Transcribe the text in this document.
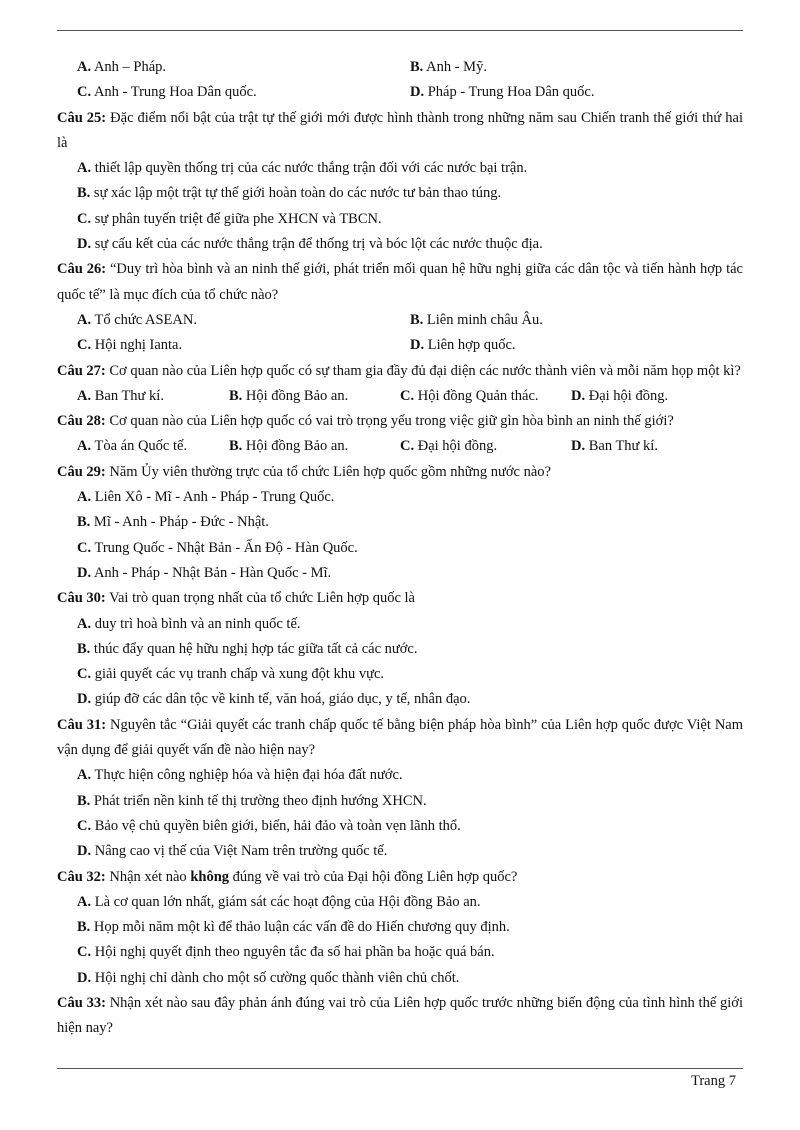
A. Anh – Pháp.	B. Anh - Mỹ.
C. Anh - Trung Hoa Dân quốc.	D. Pháp - Trung Hoa Dân quốc.
Câu 25: Đặc điểm nổi bật của trật tự thế giới mới được hình thành trong những năm sau Chiến tranh thế giới thứ hai là
A. thiết lập quyền thống trị của các nước thắng trận đối với các nước bại trận.
B. sự xác lập một trật tự thế giới hoàn toàn do các nước tư bản thao túng.
C. sự phân tuyến triệt để giữa phe XHCN và TBCN.
D. sự cấu kết của các nước thắng trận để thống trị và bóc lột các nước thuộc địa.
Câu 26: “Duy trì hòa bình và an ninh thế giới, phát triển mối quan hệ hữu nghị giữa các dân tộc và tiến hành hợp tác quốc tế” là mục đích của tổ chức nào?
A. Tổ chức ASEAN.	B. Liên minh châu Âu.
C. Hội nghị Ianta.	D. Liên hợp quốc.
Câu 27: Cơ quan nào của Liên hợp quốc có sự tham gia đầy đủ đại diện các nước thành viên và mỗi năm họp một kì?
A. Ban Thư kí.	B. Hội đồng Bảo an.	C. Hội đồng Quản thác. D. Đại hội đồng.
Câu 28: Cơ quan nào của Liên hợp quốc có vai trò trọng yếu trong việc giữ gìn hòa bình an ninh thế giới?
A. Tòa án Quốc tế.	B. Hội đồng Bảo an.	C. Đại hội đồng.	D. Ban Thư kí.
Câu 29: Năm Ủy viên thường trực của tổ chức Liên hợp quốc gồm những nước nào?
A. Liên Xô - Mĩ - Anh - Pháp - Trung Quốc.
B. Mĩ - Anh - Pháp - Đức - Nhật.
C. Trung Quốc - Nhật Bản - Ấn Độ - Hàn Quốc.
D. Anh - Pháp - Nhật Bản - Hàn Quốc - Mĩ.
Câu 30: Vai trò quan trọng nhất của tổ chức Liên hợp quốc là
A. duy trì hoà bình và an ninh quốc tế.
B. thúc đẩy quan hệ hữu nghị hợp tác giữa tất cả các nước.
C. giải quyết các vụ tranh chấp và xung đột khu vực.
D. giúp đỡ các dân tộc về kinh tế, văn hoá, giáo dục, y tế, nhân đạo.
Câu 31: Nguyên tắc “Giải quyết các tranh chấp quốc tế bằng biện pháp hòa bình” của Liên hợp quốc được Việt Nam vận dụng để giải quyết vấn đề nào hiện nay?
A. Thực hiện công nghiệp hóa và hiện đại hóa đất nước.
B. Phát triển nền kinh tế thị trường theo định hướng XHCN.
C. Bảo vệ chủ quyền biên giới, biển, hải đảo và toàn vẹn lãnh thổ.
D. Nâng cao vị thế của Việt Nam trên trường quốc tế.
Câu 32: Nhận xét nào không đúng về vai trò của Đại hội đồng Liên hợp quốc?
A. Là cơ quan lớn nhất, giám sát các hoạt động của Hội đồng Bảo an.
B. Họp mỗi năm một kì để thảo luận các vấn đề do Hiến chương quy định.
C. Hội nghị quyết định theo nguyên tắc đa số hai phần ba hoặc quá bán.
D. Hội nghị chỉ dành cho một số cường quốc thành viên chủ chốt.
Câu 33: Nhận xét nào sau đây phản ánh đúng vai trò của Liên hợp quốc trước những biến động của tình hình thế giới hiện nay?
Trang 7
